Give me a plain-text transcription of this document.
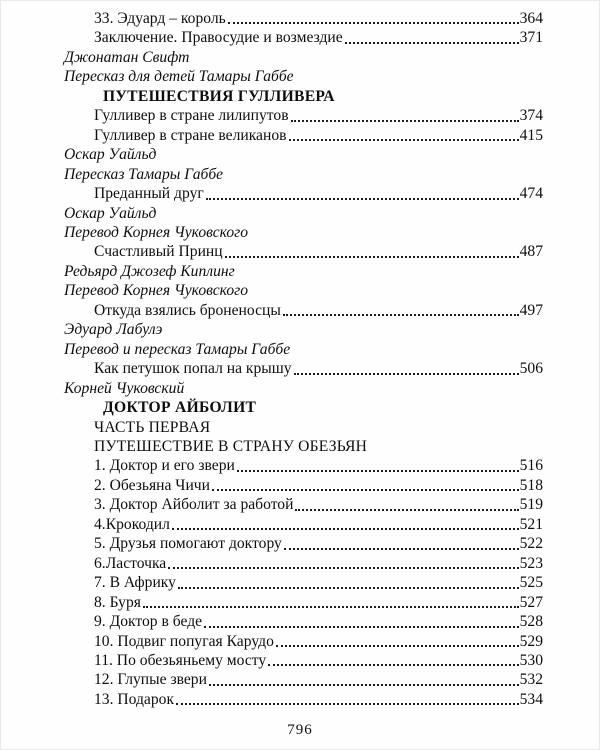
33. Эдуард – король	364
Заключение. Правосудие и возмездие	371
Джонатан Свифт
Пересказ для детей Тамары Габбе
ПУТЕШЕСТВИЯ ГУЛЛИВЕРА
Гулливер в стране лилипутов	374
Гулливер в стране великанов	415
Оскар Уайльд
Пересказ Тамары Габбе
Преданный друг	474
Оскар Уайльд
Перевод Корнея Чуковского
Счастливый Принц	487
Редьярд Джозеф Киплинг
Перевод Корнея Чуковского
Откуда взялись броненосцы	497
Эдуард Лабулэ
Перевод и пересказ Тамары Габбе
Как петушок попал на крышу	506
Корней Чуковский
ДОКТОР АЙБОЛИТ
ЧАСТЬ ПЕРВАЯ
ПУТЕШЕСТВИЕ В СТРАНУ ОБЕЗЬЯН
1. Доктор и его звери	516
2. Обезьяна Чичи	518
3. Доктор Айболит за работой	519
4.Крокодил	521
5. Друзья помогают доктору	522
6.Ласточка	523
7. В Африку	525
8. Буря	527
9. Доктор в беде	528
10. Подвиг попугая Карудо	529
11. По обезьяньему мосту	530
12. Глупые звери	532
13. Подарок	534
796
